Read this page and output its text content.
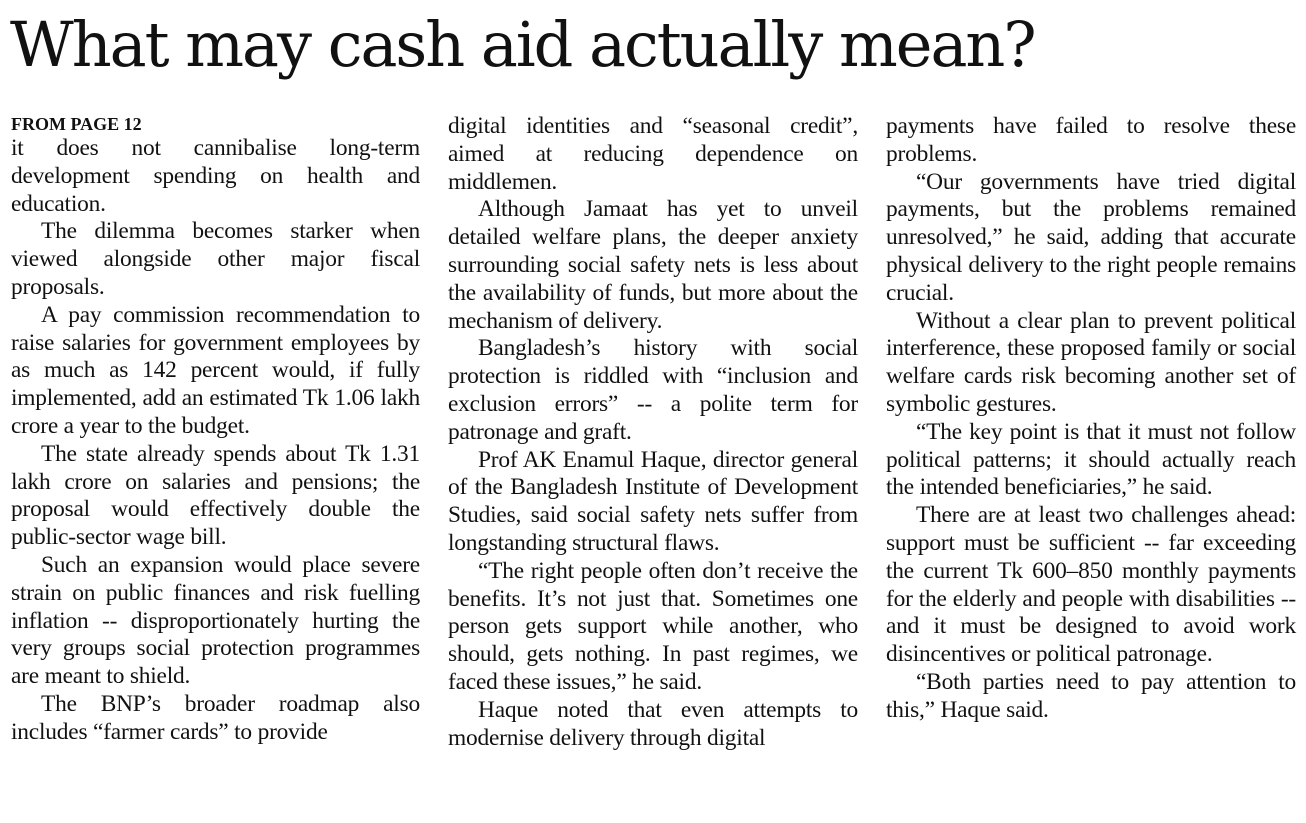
What may cash aid actually mean?
FROM PAGE 12

it does not cannibalise long-term development spending on health and education.

The dilemma becomes starker when viewed alongside other major fiscal proposals.

A pay commission recommendation to raise salaries for government employees by as much as 142 percent would, if fully implemented, add an estimated Tk 1.06 lakh crore a year to the budget.

The state already spends about Tk 1.31 lakh crore on salaries and pensions; the proposal would effectively double the public-sector wage bill.

Such an expansion would place severe strain on public finances and risk fuelling inflation -- disproportionately hurting the very groups social protection programmes are meant to shield.

The BNP’s broader roadmap also includes “farmer cards” to provide

digital identities and “seasonal credit”, aimed at reducing dependence on middlemen.

Although Jamaat has yet to unveil detailed welfare plans, the deeper anxiety surrounding social safety nets is less about the availability of funds, but more about the mechanism of delivery.

Bangladesh’s history with social protection is riddled with “inclusion and exclusion errors” -- a polite term for patronage and graft.

Prof AK Enamul Haque, director general of the Bangladesh Institute of Development Studies, said social safety nets suffer from longstanding structural flaws.

“The right people often don’t receive the benefits. It’s not just that. Sometimes one person gets support while another, who should, gets nothing. In past regimes, we faced these issues,” he said.

Haque noted that even attempts to modernise delivery through digital

payments have failed to resolve these problems.

“Our governments have tried digital payments, but the problems remained unresolved,” he said, adding that accurate physical delivery to the right people remains crucial.

Without a clear plan to prevent political interference, these proposed family or social welfare cards risk becoming another set of symbolic gestures.

“The key point is that it must not follow political patterns; it should actually reach the intended beneficiaries,” he said.

There are at least two challenges ahead: support must be sufficient -- far exceeding the current Tk 600–850 monthly payments for the elderly and people with disabilities -- and it must be designed to avoid work disincentives or political patronage.

“Both parties need to pay attention to this,” Haque said.
